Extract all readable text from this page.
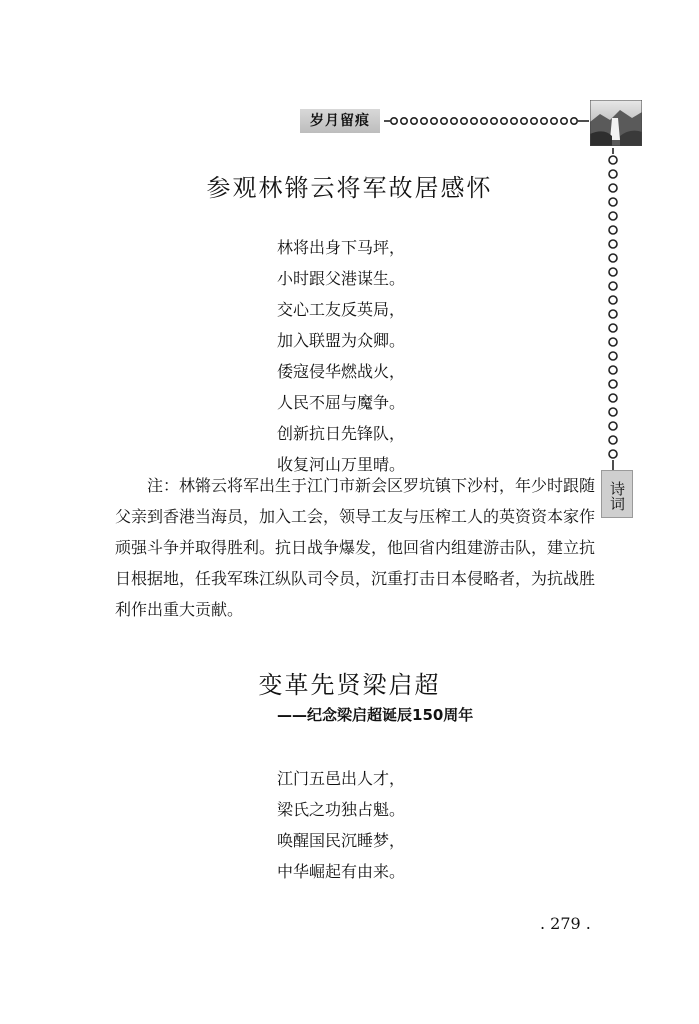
岁月留痕
诗词
参观林锵云将军故居感怀
林将出身下马坪，
小时跟父港谋生。
交心工友反英局，
加入联盟为众卿。
倭寇侵华燃战火，
人民不屈与魔争。
创新抗日先锋队，
收复河山万里晴。
注：林锵云将军出生于江门市新会区罗坑镇下沙村，年少时跟随父亲到香港当海员，加入工会，领导工友与压榨工人的英资资本家作顽强斗争并取得胜利。抗日战争爆发，他回省内组建游击队，建立抗日根据地，任我军珠江纵队司令员，沉重打击日本侵略者，为抗战胜利作出重大贡献。
变革先贤梁启超
——纪念梁启超诞辰150周年
江门五邑出人才，
梁氏之功独占魁。
唤醒国民沉睡梦，
中华崛起有由来。
. 279 .
